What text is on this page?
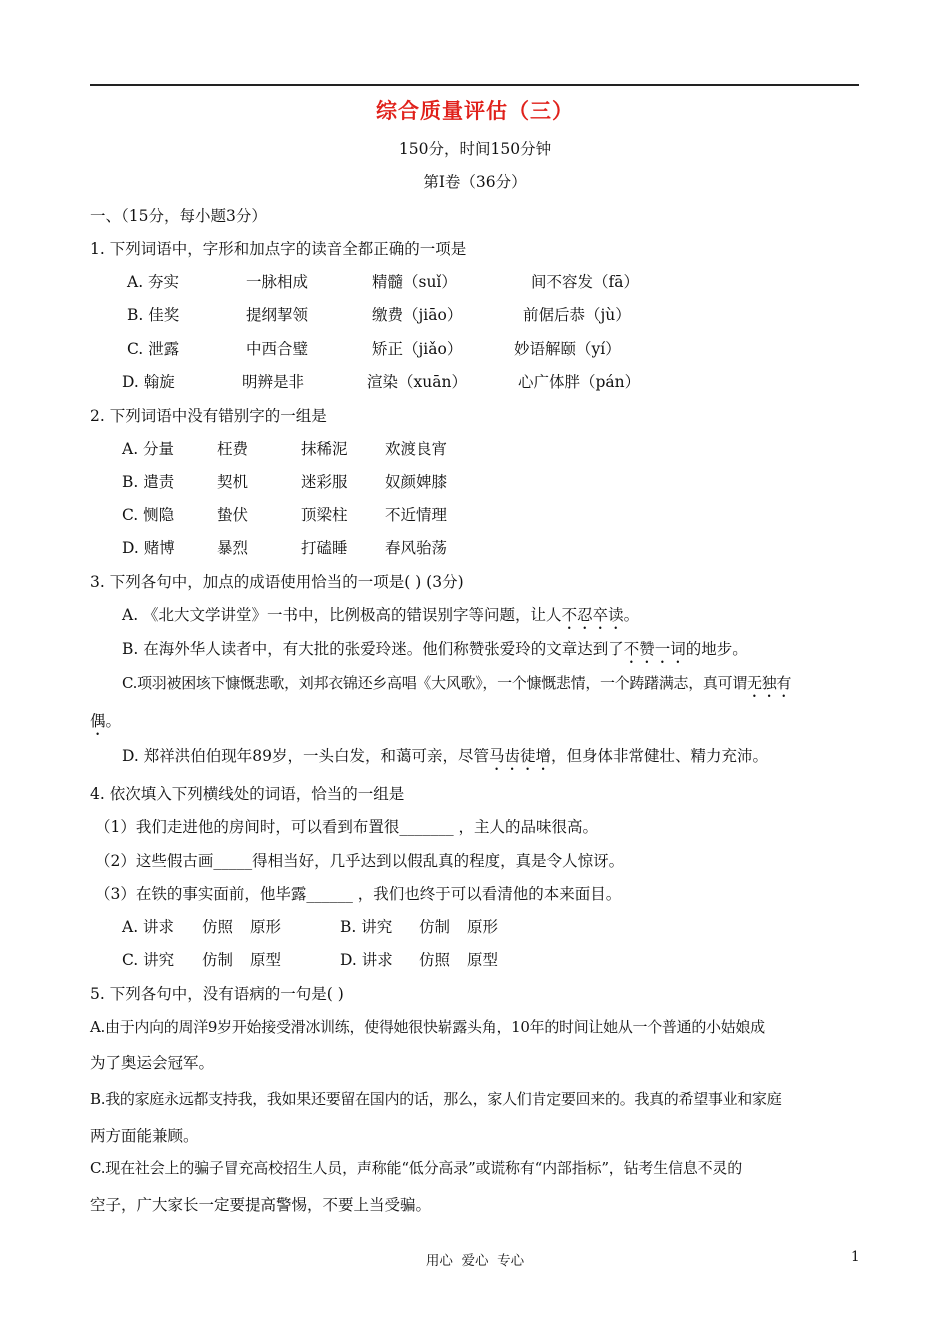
综合质量评估（三）
150分，时间150分钟
第Ⅰ卷（36分）
一、（15分，每小题3分）
1. 下列词语中，字形和加点字的读音全都正确的一项是
A. 夯实	一脉相成	精髓（suǐ）	间不容发（fā）
B. 佳奖	提纲挈领	缴费（jiāo）	前倨后恭（jù）
C. 泄露	中西合璧	矫正（jiǎo）	妙语解颐（yí）
D. 翰旋	明辨是非	渲染（xuān）	心广体胖（pán）
2. 下列词语中没有错别字的一组是
A. 分量	枉费	抹稀泥 欢渡良宵
B. 遣责	契机	迷彩服 奴颜婢膝
C. 恻隐	蛰伏	顶梁柱 不近情理
D. 赌博	暴烈	打磕睡 春风骀荡
3. 下列各句中，加点的成语使用恰当的一项是( ) (3分)
A. 《北大文学讲堂》一书中，比例极高的错误别字等问题，让人不忍卒读。
B. 在海外华人读者中，有大批的张爱玲迷。他们称赞张爱玲的文章达到了不赞一词的地步。
C.项羽被困垓下慷慨悲歌，刘邦衣锦还乡高唱《大风歌》，一个慷慨悲情，一个踌躇满志，真可谓无独有
偶。
D. 郑祥洪伯伯现年89岁，一头白发，和蔼可亲，尽管马齿徒增，但身体非常健壮、精力充沛。
4. 依次填入下列横线处的词语，恰当的一组是
（1）我们走进他的房间时，可以看到布置很_______ ，主人的品味很高。
（2）这些假古画_____得相当好，几乎达到以假乱真的程度，真是令人惊讶。
（3）在铁的事实面前，他毕露______ ，我们也终于可以看清他的本来面目。
A. 讲求 仿照 原形	B. 讲究 仿制 原形
C. 讲究 仿制 原型	D. 讲求 仿照 原型
5. 下列各句中，没有语病的一句是( )
A.由于内向的周洋9岁开始接受滑冰训练，使得她很快崭露头角，10年的时间让她从一个普通的小姑娘成
为了奥运会冠军。
B.我的家庭永远都支持我，我如果还要留在国内的话，那么，家人们肯定要回来的。我真的希望事业和家庭
两方面能兼顾。
C.现在社会上的骗子冒充高校招生人员，声称能“低分高录”或谎称有“内部指标”，钻考生信息不灵的
空子，广大家长一定要提高警惕，不要上当受骗。
用心  爱心  专心	1
